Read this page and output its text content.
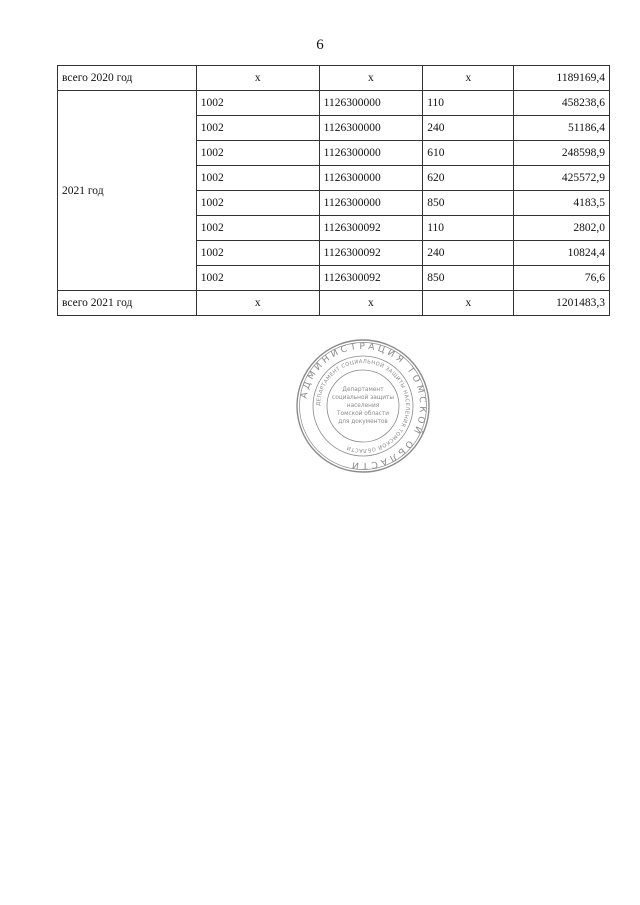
6
всего 2020 год	x	x	x	1189169,4
2021 год	1002	1126300000	110	458238,6
	1002	1126300000	240	51186,4
	1002	1126300000	610	248598,9
	1002	1126300000	620	425572,9
	1002	1126300000	850	4183,5
	1002	1126300092	110	2802,0
	1002	1126300092	240	10824,4
	1002	1126300092	850	76,6
всего 2021 год	x	x	x	1201483,3
АДМИНИСТРАЦИЯ ТОМСКОЙ ОБЛАСТИ
ДЕПАРТАМЕНТ СОЦИАЛЬНОЙ ЗАЩИТЫ НАСЕЛЕНИЯ ТОМСКОЙ ОБЛАСТИ
Департамент
социальной защиты
населения
Томской области
для документов
